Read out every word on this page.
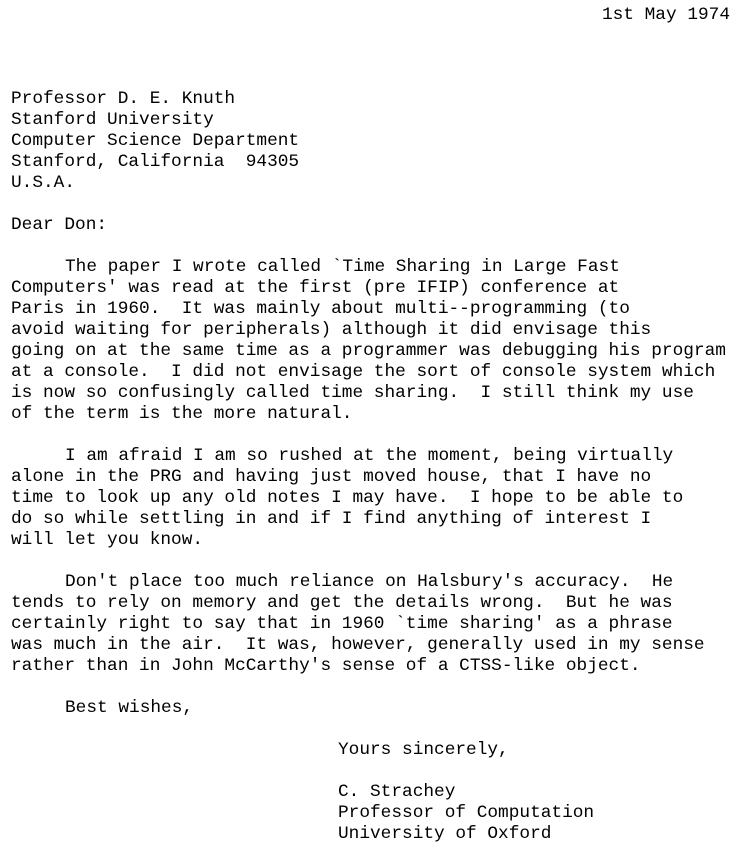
1st May 1974
Professor D. E. Knuth
Stanford University
Computer Science Department
Stanford, California  94305
U.S.A.
Dear Don:
The paper I wrote called `Time Sharing in Large Fast
Computers' was read at the first (pre IFIP) conference at
Paris in 1960.  It was mainly about multi--programming (to
avoid waiting for peripherals) although it did envisage this
going on at the same time as a programmer was debugging his program
at a console.  I did not envisage the sort of console system which
is now so confusingly called time sharing.  I still think my use
of the term is the more natural.
I am afraid I am so rushed at the moment, being virtually
alone in the PRG and having just moved house, that I have no
time to look up any old notes I may have.  I hope to be able to
do so while settling in and if I find anything of interest I
will let you know.
Don't place too much reliance on Halsbury's accuracy.  He
tends to rely on memory and get the details wrong.  But he was
certainly right to say that in 1960 `time sharing' as a phrase
was much in the air.  It was, however, generally used in my sense
rather than in John McCarthy's sense of a CTSS-like object.
Best wishes,
Yours sincerely,
C. Strachey
Professor of Computation
University of Oxford
